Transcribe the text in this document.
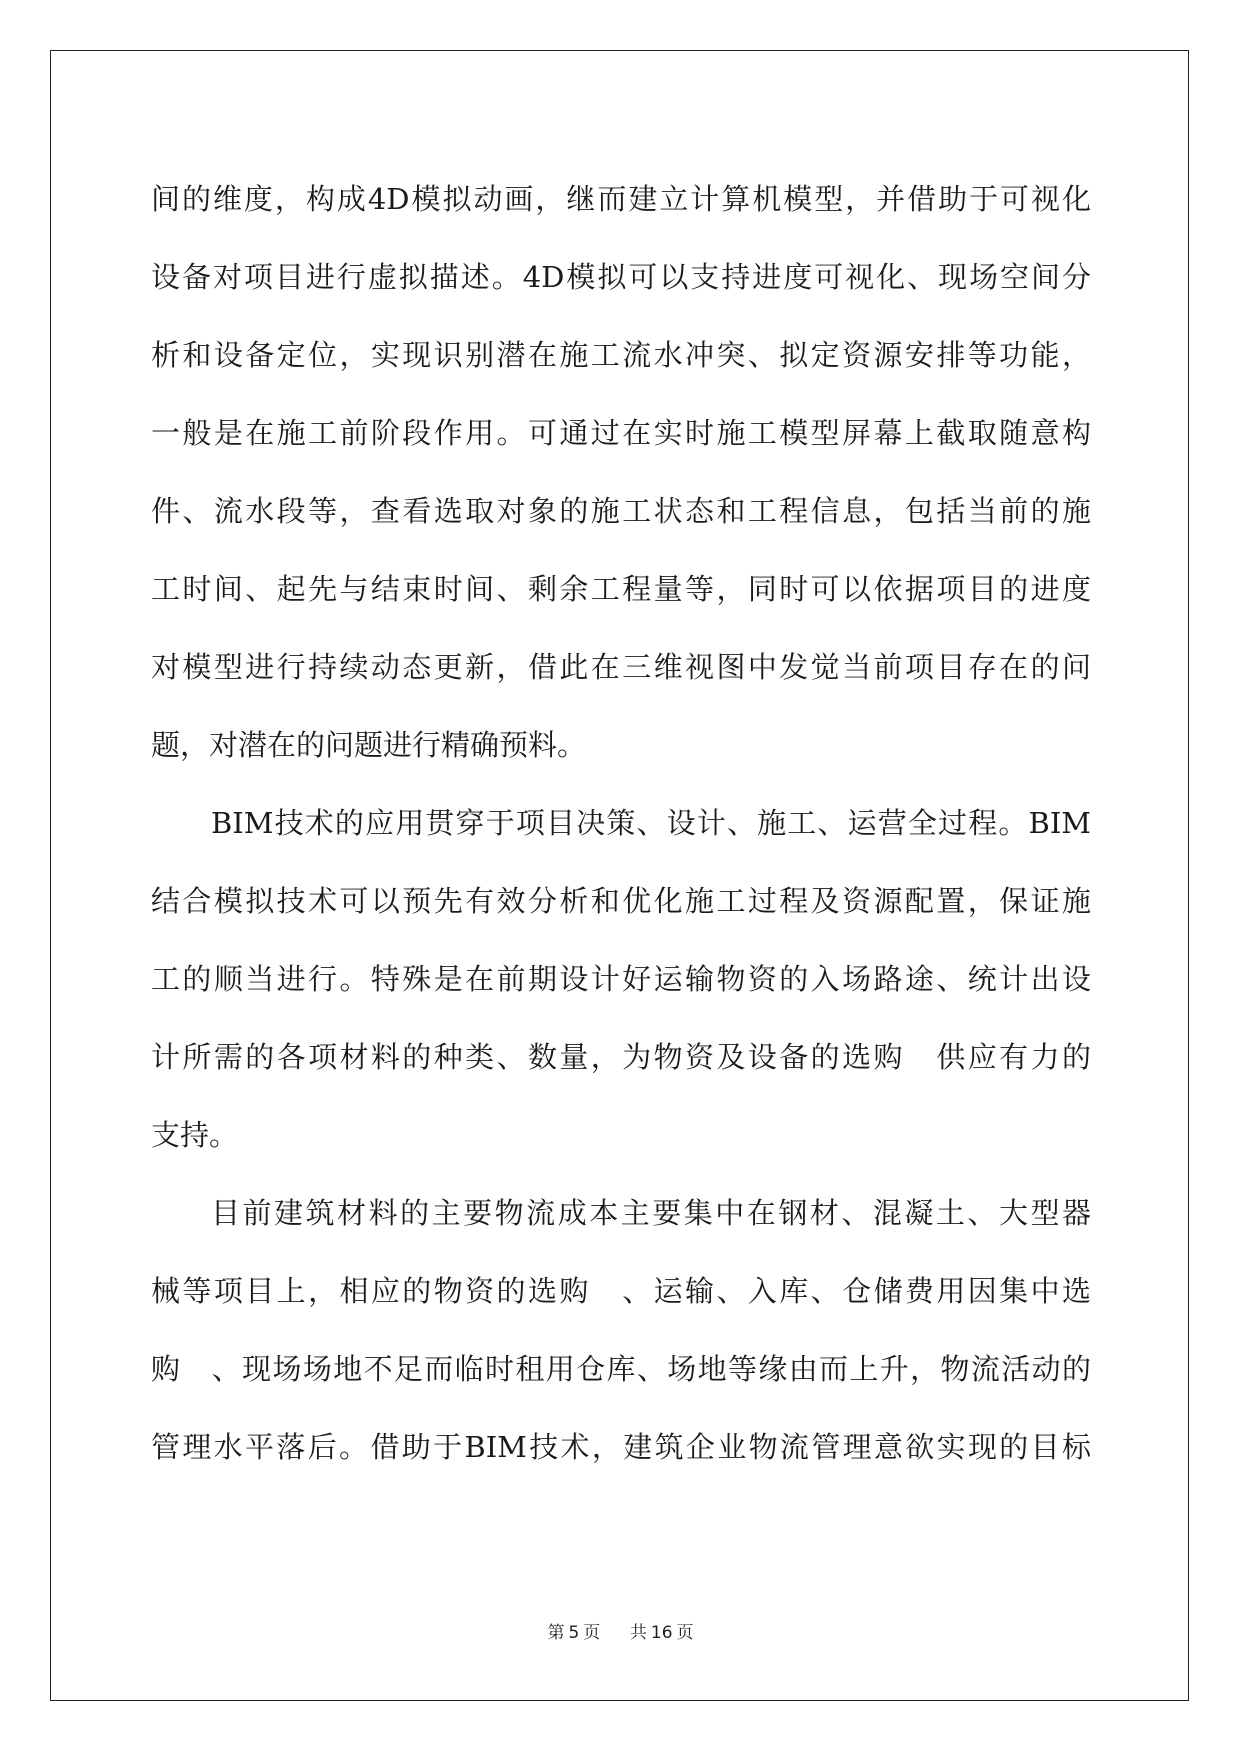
间的维度，构成4D模拟动画，继而建立计算机模型，并借助于可视化
设备对项目进行虚拟描述。4D模拟可以支持进度可视化、现场空间分
析和设备定位，实现识别潜在施工流水冲突、拟定资源安排等功能，
一般是在施工前阶段作用。可通过在实时施工模型屏幕上截取随意构
件、流水段等，查看选取对象的施工状态和工程信息，包括当前的施
工时间、起先与结束时间、剩余工程量等，同时可以依据项目的进度
对模型进行持续动态更新，借此在三维视图中发觉当前项目存在的问
题，对潜在的问题进行精确预料。
BIM技术的应用贯穿于项目决策、设计、施工、运营全过程。BIM
结合模拟技术可以预先有效分析和优化施工过程及资源配置，保证施
工的顺当进行。特殊是在前期设计好运输物资的入场路途、统计出设
计所需的各项材料的种类、数量，为物资及设备的选购　供应有力的
支持。
目前建筑材料的主要物流成本主要集中在钢材、混凝土、大型器
械等项目上，相应的物资的选购　、运输、入库、仓储费用因集中选
购　、现场场地不足而临时租用仓库、场地等缘由而上升，物流活动的
管理水平落后。借助于BIM技术，建筑企业物流管理意欲实现的目标
第 5 页 共 16 页
